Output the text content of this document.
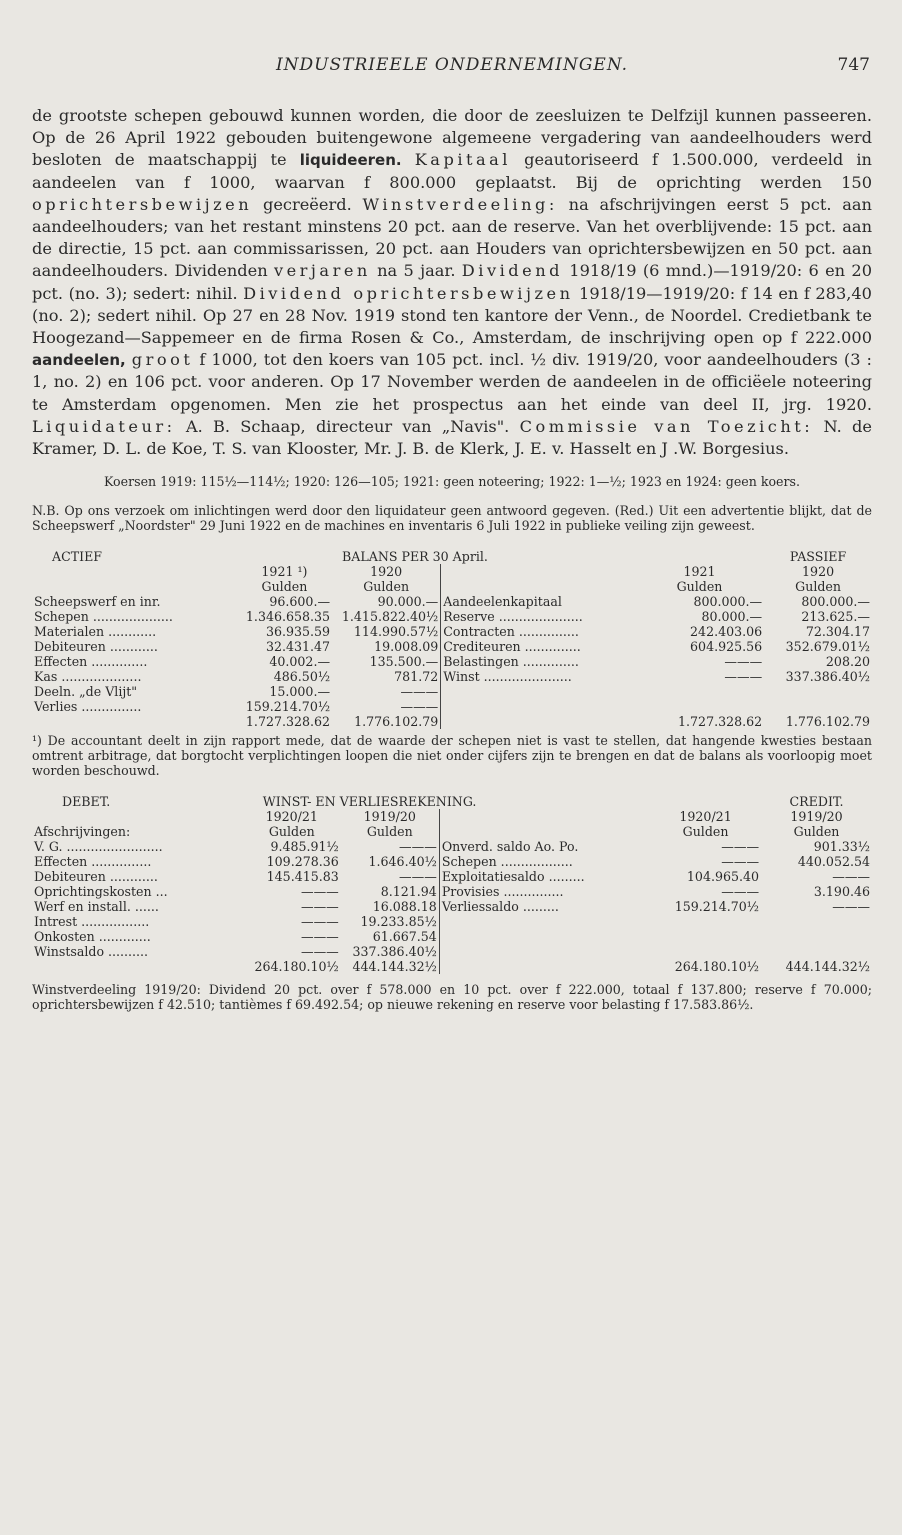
INDUSTRIEELE ONDERNEMINGEN.	747

de grootste schepen gebouwd kunnen worden, die door de zeesluizen te Delfzijl kunnen passeeren. Op de 26 April 1922 gebouden buitengewone algemeene vergadering van aandeelhouders werd besloten de maatschappij te liquideeren. Kapitaal geautoriseerd f 1.500.000, verdeeld in aandeelen van f 1000, waarvan f 800.000 geplaatst. Bij de oprichting werden 150 oprichtersbewijzen gecreëerd. Winstverdeeling: na afschrijvingen eerst 5 pct. aan aandeelhouders; van het restant minstens 20 pct. aan de reserve. Van het overblijvende: 15 pct. aan de directie, 15 pct. aan commissarissen, 20 pct. aan Houders van oprichtersbewijzen en 50 pct. aan aandeelhouders. Dividenden verjaren na 5 jaar. Dividend 1918/19 (6 mnd.)—1919/20: 6 en 20 pct. (no. 3); sedert: nihil. Dividend oprichtersbewijzen 1918/19—1919/20: f 14 en f 283,40 (no. 2); sedert nihil. Op 27 en 28 Nov. 1919 stond ten kantore der Venn., de Noordel. Credietbank te Hoogezand—Sappemeer en de firma Rosen & Co., Amsterdam, de inschrijving open op f 222.000 aandeelen, groot f 1000, tot den koers van 105 pct. incl. ½ div. 1919/20, voor aandeelhouders (3 : 1, no. 2) en 106 pct. voor anderen. Op 17 November werden de aandeelen in de officiëele noteering te Amsterdam opgenomen. Men zie het prospectus aan het einde van deel II, jrg. 1920. Liquidateur: A. B. Schaap, directeur van „Navis". Commissie van Toezicht: N. de Kramer, D. L. de Koe, T. S. van Klooster, Mr. J. B. de Klerk, J. E. v. Hasselt en J .W. Borgesius.

Koersen 1919: 115½—114½; 1920: 126—105; 1921: geen noteering; 1922: 1—½; 1923 en 1924: geen koers.
N.B. Op ons verzoek om inlichtingen werd door den liquidateur geen antwoord gegeven. (Red.) Uit een advertentie blijkt, dat de Scheepswerf „Noordster" 29 Juni 1922 en de machines en inventaris 6 Juli 1922 in publieke veiling zijn geweest.
ACTIEF		BALANS PER 30 April.			PASSIEF
	1921 ¹)	1920		1921	1920
	Gulden	Gulden		Gulden	Gulden
Scheepswerf en inr.	96.600.—	90.000.—	Aandeelenkapitaal	800.000.—	800.000.—
Schepen ....................	1.346.658.35	1.415.822.40½	Reserve .....................	80.000.—	213.625.—
Materialen ............	36.935.59	114.990.57½	Contracten ...............	242.403.06	72.304.17
Debiteuren ............	32.431.47	19.008.09	Crediteuren ..............	604.925.56	352.679.01½
Effecten ..............	40.002.—	135.500.—	Belastingen ..............	———	208.20
Kas ....................	486.50½	781.72	Winst ......................	———	337.386.40½
Deeln. „de Vlijt"	15.000.—	———			
Verlies ...............	159.214.70½	———			
	1.727.328.62	1.776.102.79		1.727.328.62	1.776.102.79
¹) De accountant deelt in zijn rapport mede, dat de waarde der schepen niet is vast te stellen, dat hangende kwesties bestaan omtrent arbitrage, dat borgtocht verplichtingen loopen die niet onder cijfers zijn te brengen en dat de balans als voorloopig moet worden beschouwd.
DEBET.	WINST- EN VERLIESREKENING.				CREDIT.
	1920/21	1919/20		1920/21	1919/20
Afschrijvingen:	Gulden	Gulden		Gulden	Gulden
V. G. ........................	9.485.91½	———	Onverd. saldo Ao. Po.	———	901.33½
Effecten ...............	109.278.36	1.646.40½	Schepen ..................	———	440.052.54
Debiteuren ............	145.415.83	———	Exploitatiesaldo .........	104.965.40	———
Oprichtingskosten ...	———	8.121.94	Provisies ...............	———	3.190.46
Werf en install. ......	———	16.088.18	Verliessaldo .........	159.214.70½	———
Intrest .................	———	19.233.85½			
Onkosten .............	———	61.667.54			
Winstsaldo ..........	———	337.386.40½			
	264.180.10½	444.144.32½		264.180.10½	444.144.32½
Winstverdeeling 1919/20: Dividend 20 pct. over f 578.000 en 10 pct. over f 222.000, totaal f 137.800; reserve f 70.000; oprichtersbewijzen f 42.510; tantièmes f 69.492.54; op nieuwe rekening en reserve voor belasting f 17.583.86½.
